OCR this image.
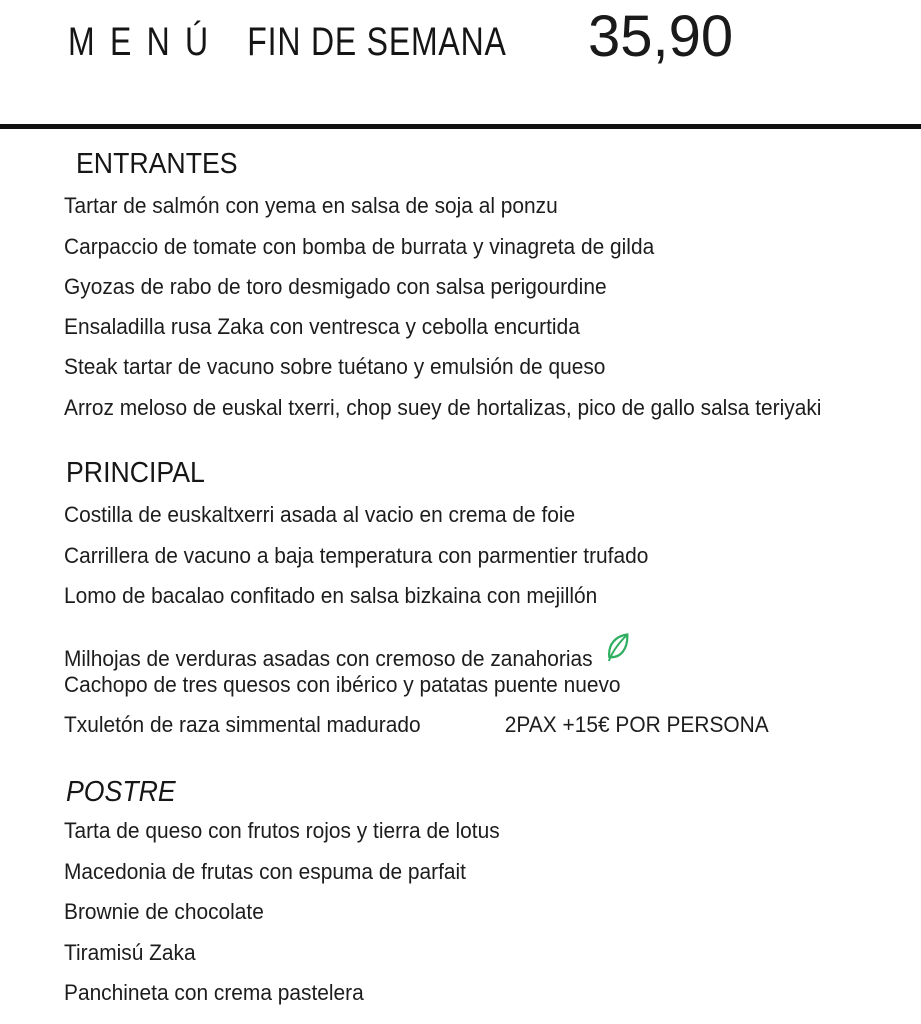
M E N Ú FIN DE SEMANA	35,90
ENTRANTES
Tartar de salmón con yema en salsa de soja al ponzu
Carpaccio de tomate con bomba de burrata y vinagreta de gilda
Gyozas de rabo de toro desmigado con salsa perigourdine
Ensaladilla rusa Zaka con ventresca y cebolla encurtida
Steak tartar de vacuno sobre tuétano y emulsión de queso
Arroz meloso de euskal txerri, chop suey de hortalizas, pico de gallo salsa teriyaki
PRINCIPAL
Costilla de euskaltxerri asada al vacio en crema de foie
Carrillera de vacuno a baja temperatura con parmentier trufado
Lomo de bacalao confitado en salsa bizkaina con mejillón
Milhojas de verduras asadas con cremoso de zanahorias
Cachopo de tres quesos con ibérico y patatas puente nuevo
Txuletón de raza simmental madurado	2PAX +15€ POR PERSONA
POSTRE
Tarta de queso con frutos rojos y tierra de lotus
Macedonia de frutas con espuma de parfait
Brownie de chocolate
Tiramisú Zaka
Panchineta con crema pastelera
